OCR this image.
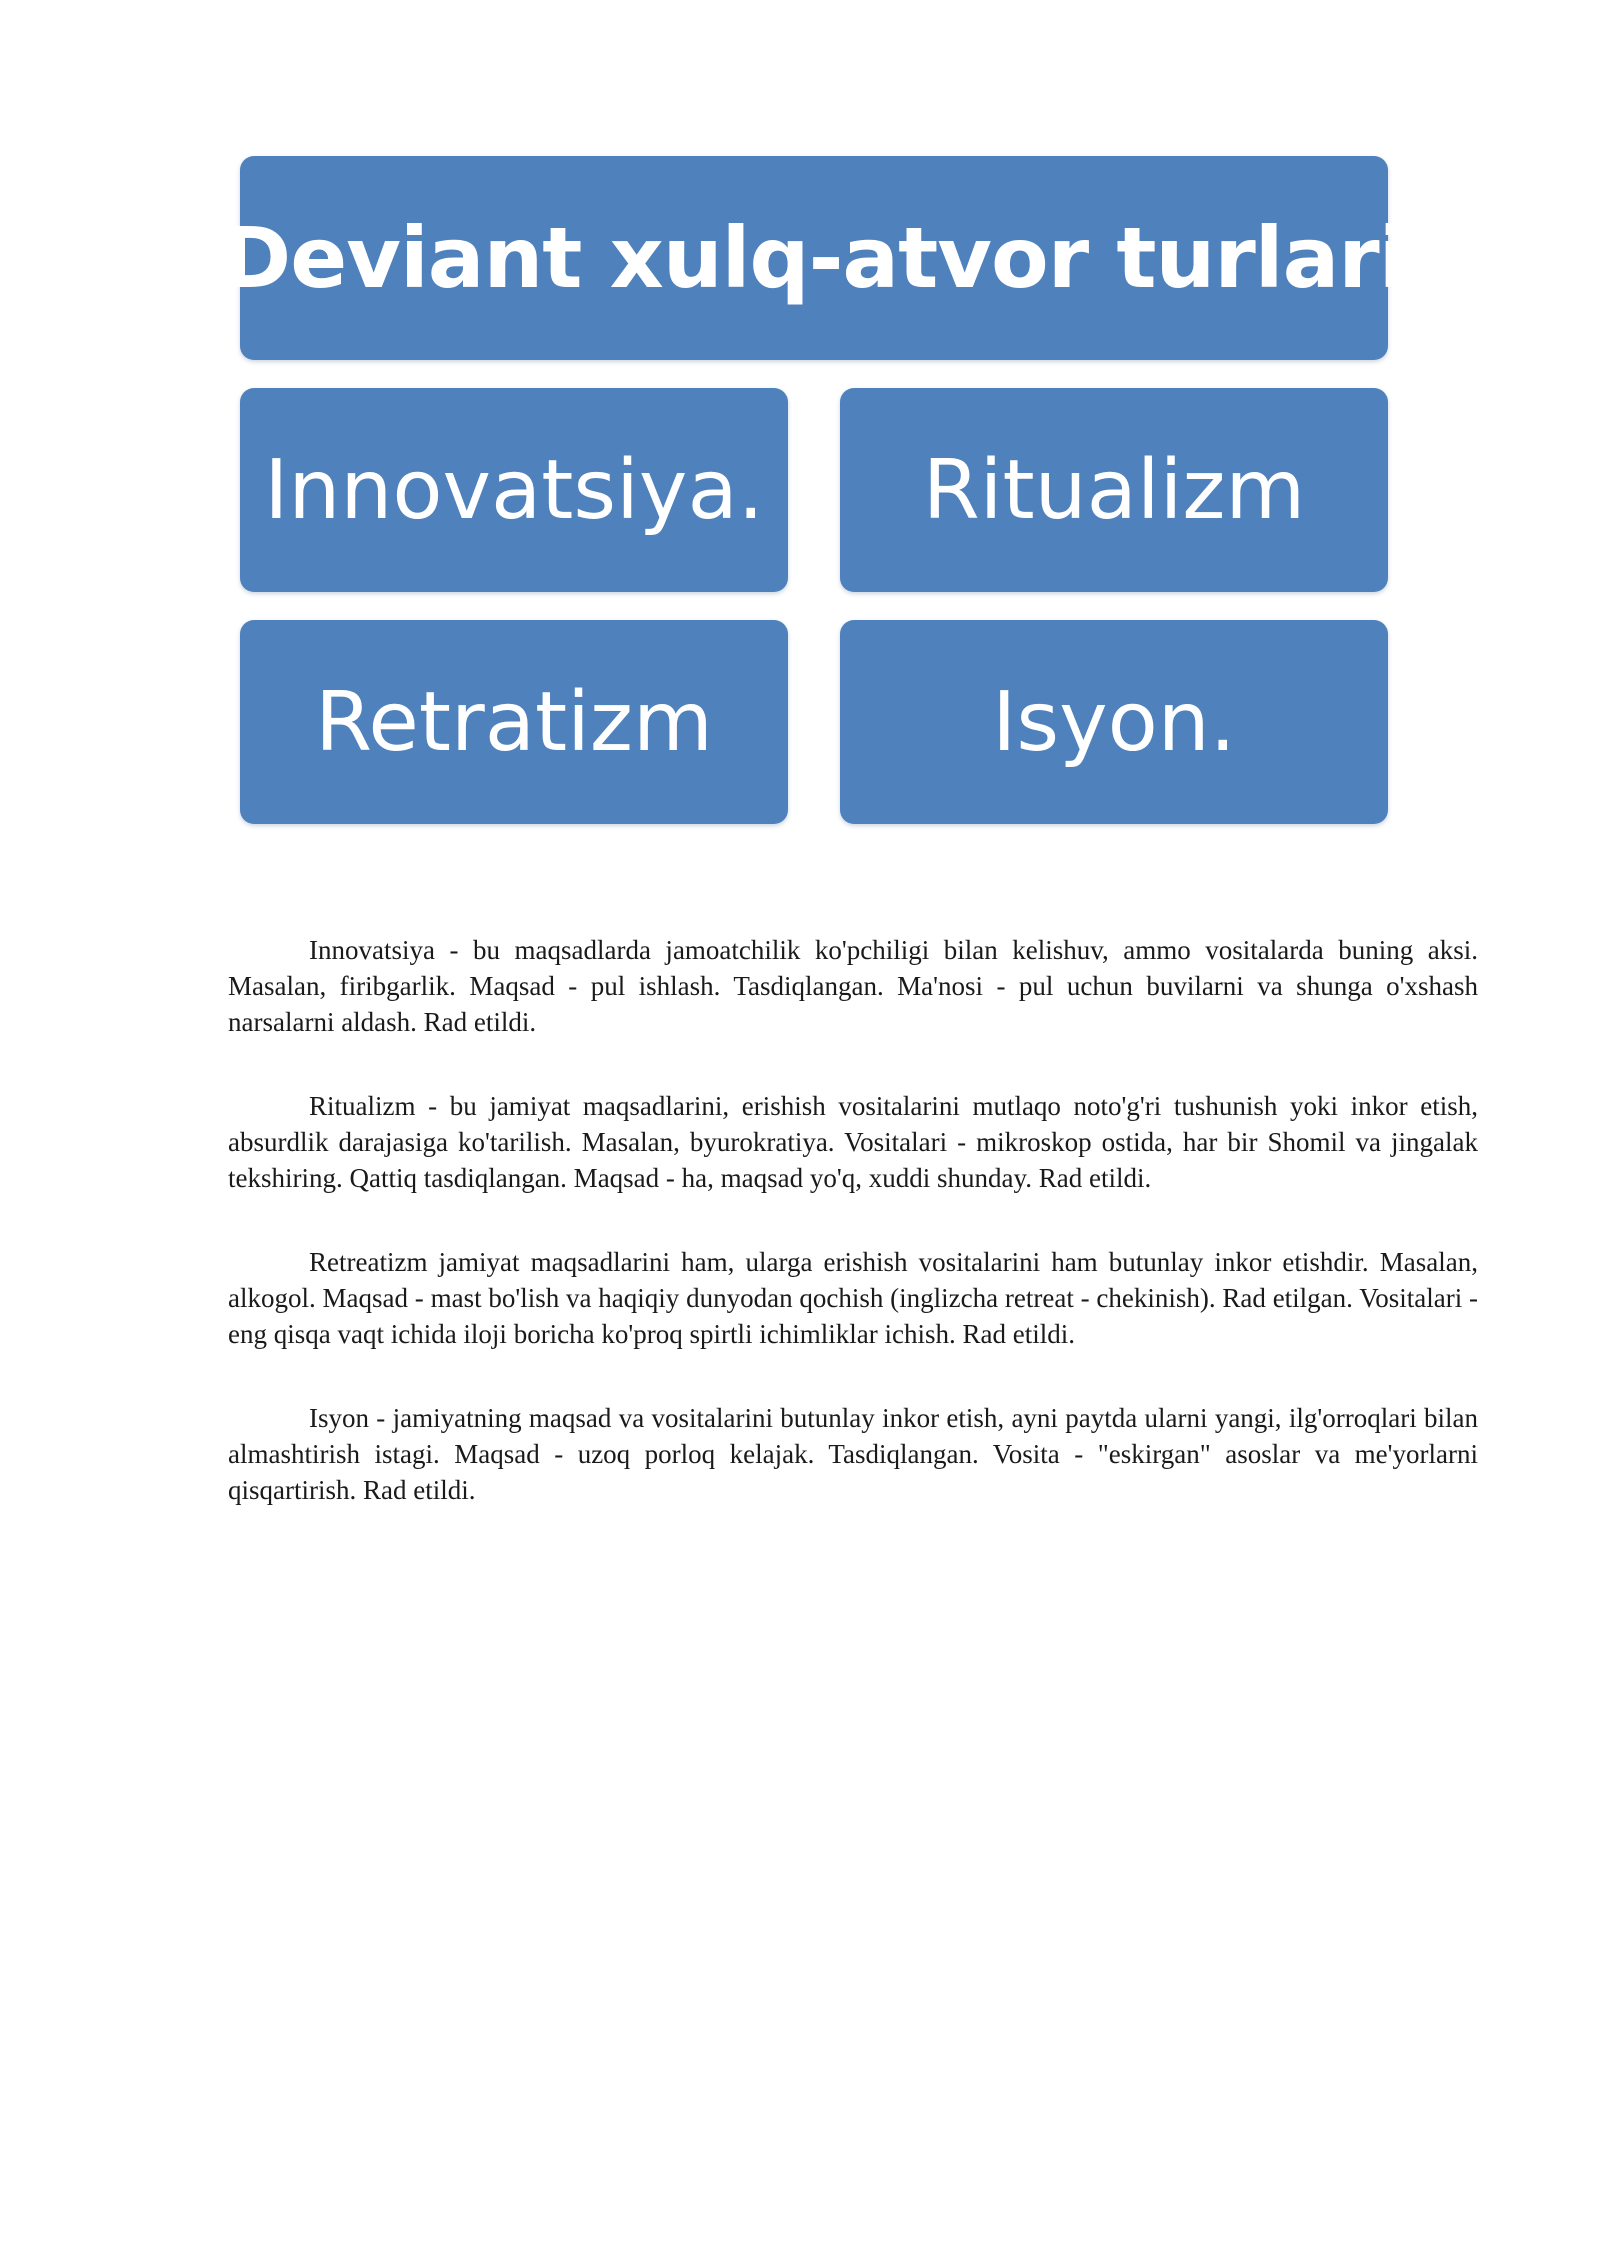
Deviant xulq-atvor turlari
Innovatsiya.	Ritualizm
Retratizm	Isyon.

Innovatsiya - bu maqsadlarda jamoatchilik ko'pchiligi bilan kelishuv, ammo vositalarda buning aksi. Masalan, firibgarlik. Maqsad - pul ishlash. Tasdiqlangan. Ma'nosi - pul uchun buvilarni va shunga o'xshash narsalarni aldash. Rad etildi.

Ritualizm - bu jamiyat maqsadlarini, erishish vositalarini mutlaqo noto'g'ri tushunish yoki inkor etish, absurdlik darajasiga ko'tarilish. Masalan, byurokratiya. Vositalari - mikroskop ostida, har bir Shomil va jingalak tekshiring. Qattiq tasdiqlangan. Maqsad - ha, maqsad yo'q, xuddi shunday. Rad etildi.

Retreatizm jamiyat maqsadlarini ham, ularga erishish vositalarini ham butunlay inkor etishdir. Masalan, alkogol. Maqsad - mast bo'lish va haqiqiy dunyodan qochish (inglizcha retreat - chekinish). Rad etilgan. Vositalari - eng qisqa vaqt ichida iloji boricha ko'proq spirtli ichimliklar ichish. Rad etildi.

Isyon - jamiyatning maqsad va vositalarini butunlay inkor etish, ayni paytda ularni yangi, ilg'orroqlari bilan almashtirish istagi. Maqsad - uzoq porloq kelajak. Tasdiqlangan. Vosita - "eskirgan" asoslar va me'yorlarni qisqartirish. Rad etildi.
